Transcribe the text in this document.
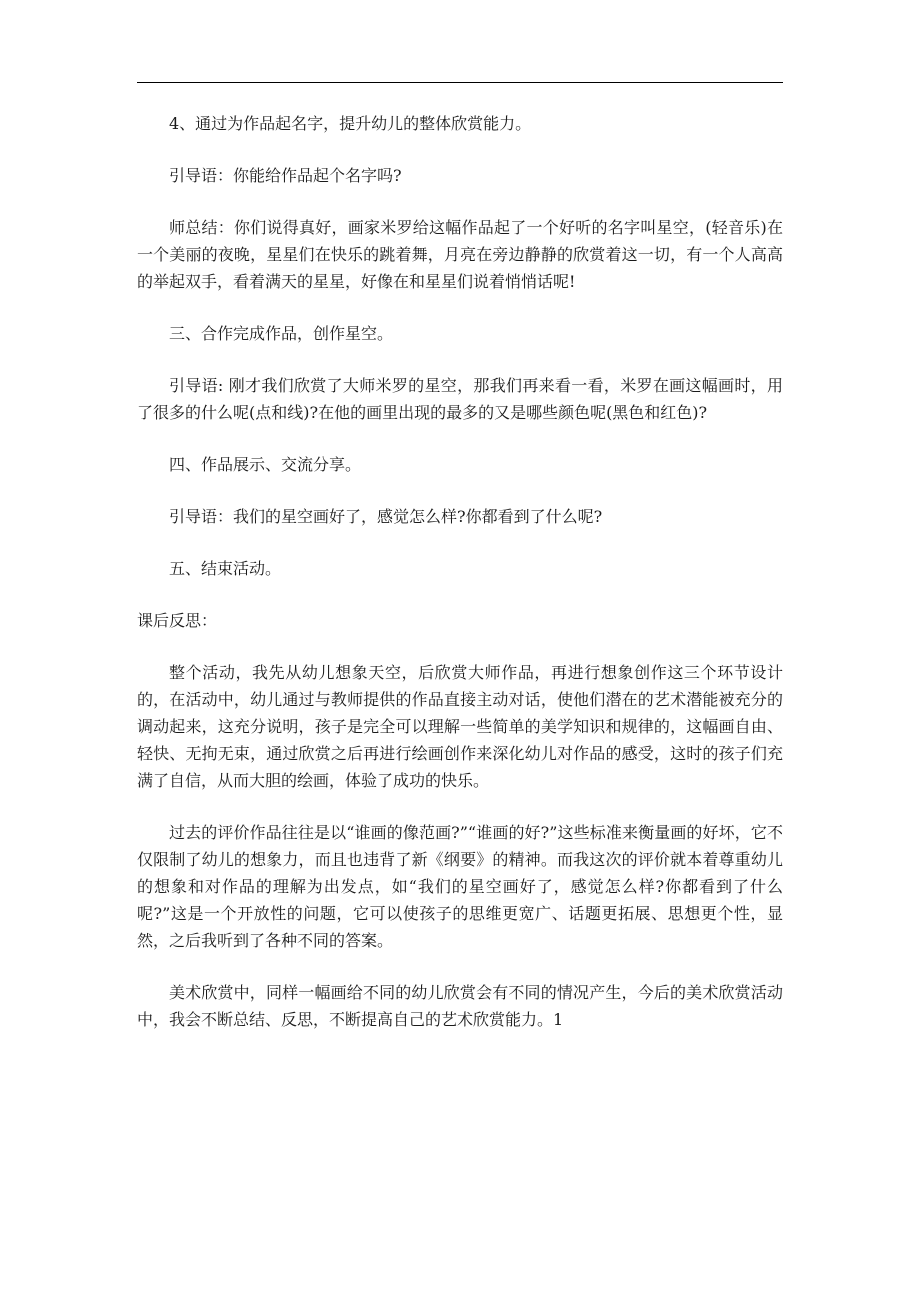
4、通过为作品起名字，提升幼儿的整体欣赏能力。

引导语：你能给作品起个名字吗?

师总结：你们说得真好，画家米罗给这幅作品起了一个好听的名字叫星空，(轻音乐)在一个美丽的夜晚，星星们在快乐的跳着舞，月亮在旁边静静的欣赏着这一切，有一个人高高的举起双手，看着满天的星星，好像在和星星们说着悄悄话呢!

三、合作完成作品，创作星空。

引导语: 刚才我们欣赏了大师米罗的星空，那我们再来看一看，米罗在画这幅画时，用了很多的什么呢(点和线)?在他的画里出现的最多的又是哪些颜色呢(黑色和红色)?

四、作品展示、交流分享。

引导语：我们的星空画好了，感觉怎么样?你都看到了什么呢?

五、结束活动。

课后反思：

整个活动，我先从幼儿想象天空，后欣赏大师作品，再进行想象创作这三个环节设计的，在活动中，幼儿通过与教师提供的作品直接主动对话，使他们潜在的艺术潜能被充分的调动起来，这充分说明，孩子是完全可以理解一些简单的美学知识和规律的，这幅画自由、轻快、无拘无束，通过欣赏之后再进行绘画创作来深化幼儿对作品的感受，这时的孩子们充满了自信，从而大胆的绘画，体验了成功的快乐。

过去的评价作品往往是以“谁画的像范画?”“谁画的好?”这些标准来衡量画的好坏，它不仅限制了幼儿的想象力，而且也违背了新《纲要》的精神。而我这次的评价就本着尊重幼儿的想象和对作品的理解为出发点，如“我们的星空画好了，感觉怎么样?你都看到了什么呢?”这是一个开放性的问题，它可以使孩子的思维更宽广、话题更拓展、思想更个性，显然，之后我听到了各种不同的答案。

美术欣赏中，同样一幅画给不同的幼儿欣赏会有不同的情况产生，今后的美术欣赏活动中，我会不断总结、反思，不断提高自己的艺术欣赏能力。1
